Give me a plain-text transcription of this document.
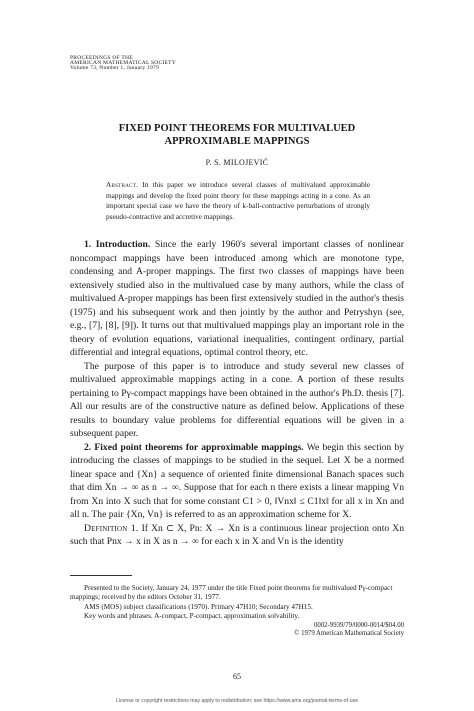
PROCEEDINGS OF THE
AMERICAN MATHEMATICAL SOCIETY
Volume 73, Number 1, January 1979
FIXED POINT THEOREMS FOR MULTIVALUED
APPROXIMABLE MAPPINGS
P. S. MILOJEVIĆ
Abstract. In this paper we introduce several classes of multivalued approximable mappings and develop the fixed point theory for these mappings acting in a cone. As an important special case we have the theory of k-ball-contractive perturbations of strongly pseudo-contractive and accretive mappings.

1. Introduction. Since the early 1960's several important classes of nonlinear noncompact mappings have been introduced among which are monotone type, condensing and A-proper mappings. The first two classes of mappings have been extensively studied also in the multivalued case by many authors, while the class of multivalued A-proper mappings has been first extensively studied in the author's thesis (1975) and his subsequent work and then jointly by the author and Petryshyn (see, e.g., [7], [8], [9]). It turns out that multivalued mappings play an important role in the theory of evolution equations, variational inequalities, contingent ordinary, partial differential and integral equations, optimal control theory, etc.

The purpose of this paper is to introduce and study several new classes of multivalued approximable mappings acting in a cone. A portion of these results pertaining to Pγ-compact mappings have been obtained in the author's Ph.D. thesis [7]. All our results are of the constructive nature as defined below. Applications of these results to boundary value problems for differential equations will be given in a subsequent paper.

2. Fixed point theorems for approximable mappings. We begin this section by introducing the classes of mappings to be studied in the sequel. Let X be a normed linear space and {Xn} a sequence of oriented finite dimensional Banach spaces such that dim Xn → ∞ as n → ∞. Suppose that for each n there exists a linear mapping Vn from Xn into X such that for some constant C1 > 0, ‖Vnx‖ ≤ C1‖x‖ for all x in Xn and all n. The pair {Xn, Vn} is referred to as an approximation scheme for X.

Definition 1. If Xn ⊂ X, Pn: X → Xn is a continuous linear projection onto Xn such that Pnx → x in X as n → ∞ for each x in X and Vn is the identity

Presented to the Society, January 24, 1977 under the title Fixed point theorems for multivalued Pγ-compact mappings; received by the editors October 31, 1977.

AMS (MOS) subject classifications (1970). Primary 47H10; Secondary 47H15.

Key words and phrases. A-compact, P-compact, approximation solvability.

0002-9939/79/0000-0014/$04.00
© 1979 American Mathematical Society
65
License or copyright restrictions may apply to redistribution; see https://www.ams.org/journal-terms-of-use
